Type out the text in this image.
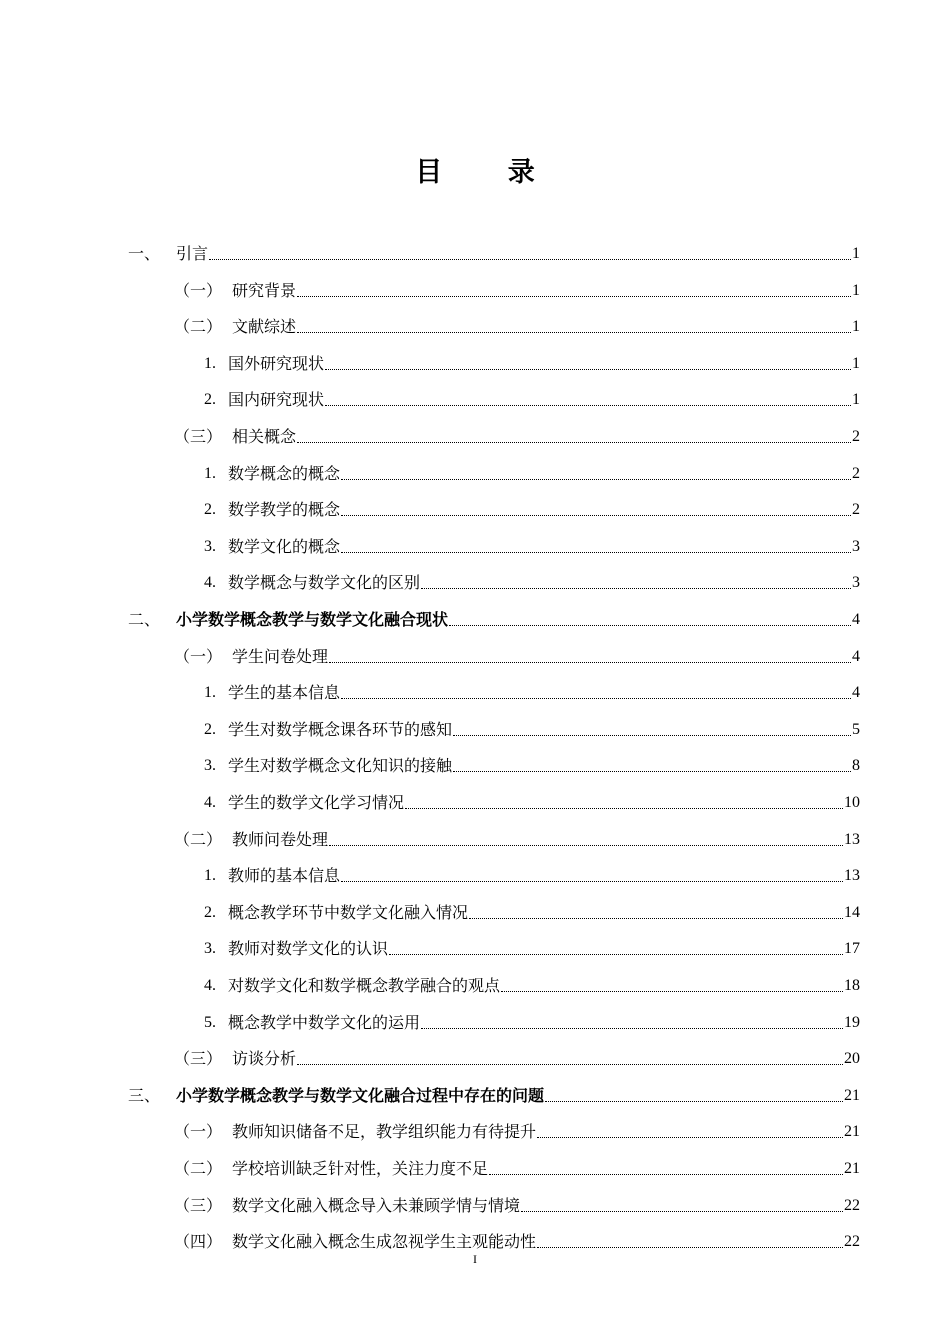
目 录
一、 引言	1
（一） 研究背景	1
（二） 文献综述	1
1. 国外研究现状	1
2. 国内研究现状	1
（三） 相关概念	2
1. 数学概念的概念	2
2. 数学教学的概念	2
3. 数学文化的概念	3
4. 数学概念与数学文化的区别	3
二、 小学数学概念教学与数学文化融合现状	4
（一） 学生问卷处理	4
1. 学生的基本信息	4
2. 学生对数学概念课各环节的感知	5
3. 学生对数学概念文化知识的接触	8
4. 学生的数学文化学习情况	10
（二） 教师问卷处理	13
1. 教师的基本信息	13
2. 概念教学环节中数学文化融入情况	14
3. 教师对数学文化的认识	17
4. 对数学文化和数学概念教学融合的观点	18
5. 概念教学中数学文化的运用	19
（三） 访谈分析	20
三、 小学数学概念教学与数学文化融合过程中存在的问题	21
（一） 教师知识储备不足，教学组织能力有待提升	21
（二） 学校培训缺乏针对性，关注力度不足	21
（三） 数学文化融入概念导入未兼顾学情与情境	22
（四） 数学文化融入概念生成忽视学生主观能动性	22
I
